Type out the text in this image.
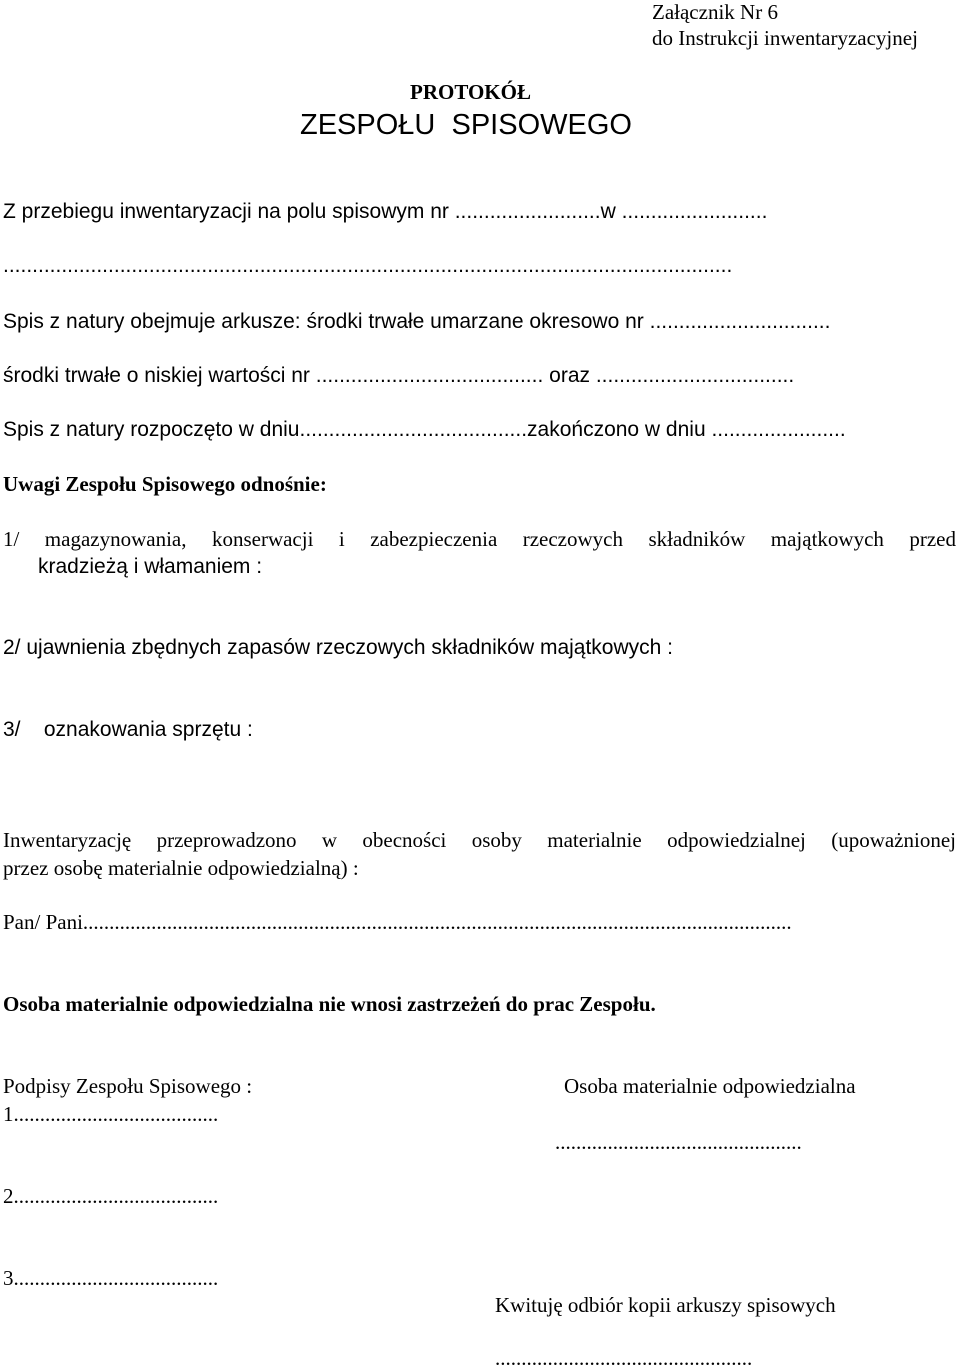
Załącznik Nr 6
do Instrukcji inwentaryzacyjnej
PROTOKÓŁ
ZESPOŁU  SPISOWEGO
Z przebiegu inwentaryzacji na polu spisowym nr .........................w .........................
.............................................................................................................................
Spis z natury obejmuje arkusze: środki trwałe umarzane okresowo nr ...............................
środki trwałe o niskiej wartości nr ....................................... oraz ..................................
Spis z natury rozpoczęto w dniu.......................................zakończono w dniu .......................
Uwagi Zespołu Spisowego odnośnie:
1/ magazynowania, konserwacji i zabezpieczenia rzeczowych składników majątkowych przed
kradzieżą i włamaniem :
2/ ujawnienia zbędnych zapasów rzeczowych składników majątkowych :
3/    oznakowania sprzętu :
Inwentaryzację przeprowadzono w obecności osoby materialnie odpowiedzialnej (upoważnionej
przez osobę materialnie odpowiedzialną) :
Pan/ Pani.......................................................................................................................................
Osoba materialnie odpowiedzialna nie wnosi zastrzeżeń do prac Zespołu.
Podpisy Zespołu Spisowego :
1.......................................
2.......................................
3.......................................
Osoba materialnie odpowiedzialna
...............................................
Kwituję odbiór kopii arkuszy spisowych
.................................................
